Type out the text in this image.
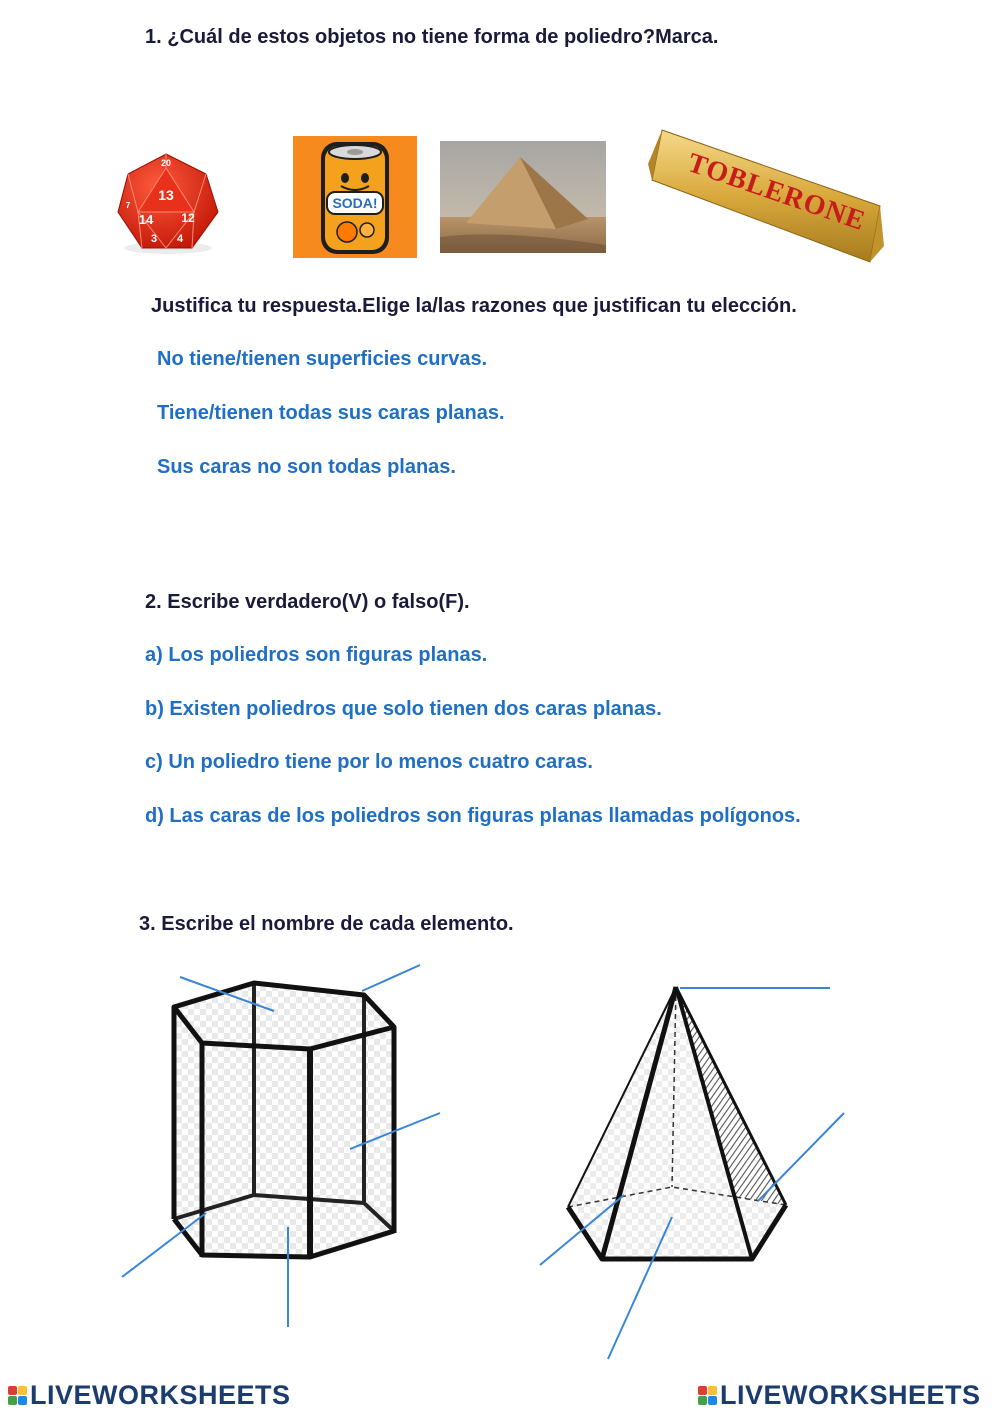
1. ¿Cuál de estos objetos no tiene forma de poliedro?Marca.
20
13
14 12
3 4
7	SODA!	TOBLERONE
Justifica tu respuesta.Elige la/las razones que justifican tu elección.
No tiene/tienen superficies curvas.
Tiene/tienen todas sus caras planas.
Sus caras no son todas planas.
2. Escribe verdadero(V) o falso(F).
a) Los poliedros son figuras planas.
b) Existen poliedros que solo tienen dos caras planas.
c) Un poliedro tiene por lo menos cuatro caras.
d) Las caras de los poliedros son figuras planas llamadas polígonos.
3. Escribe el nombre de cada elemento.
LIVEWORKSHEETS	LIVEWORKSHEETS
